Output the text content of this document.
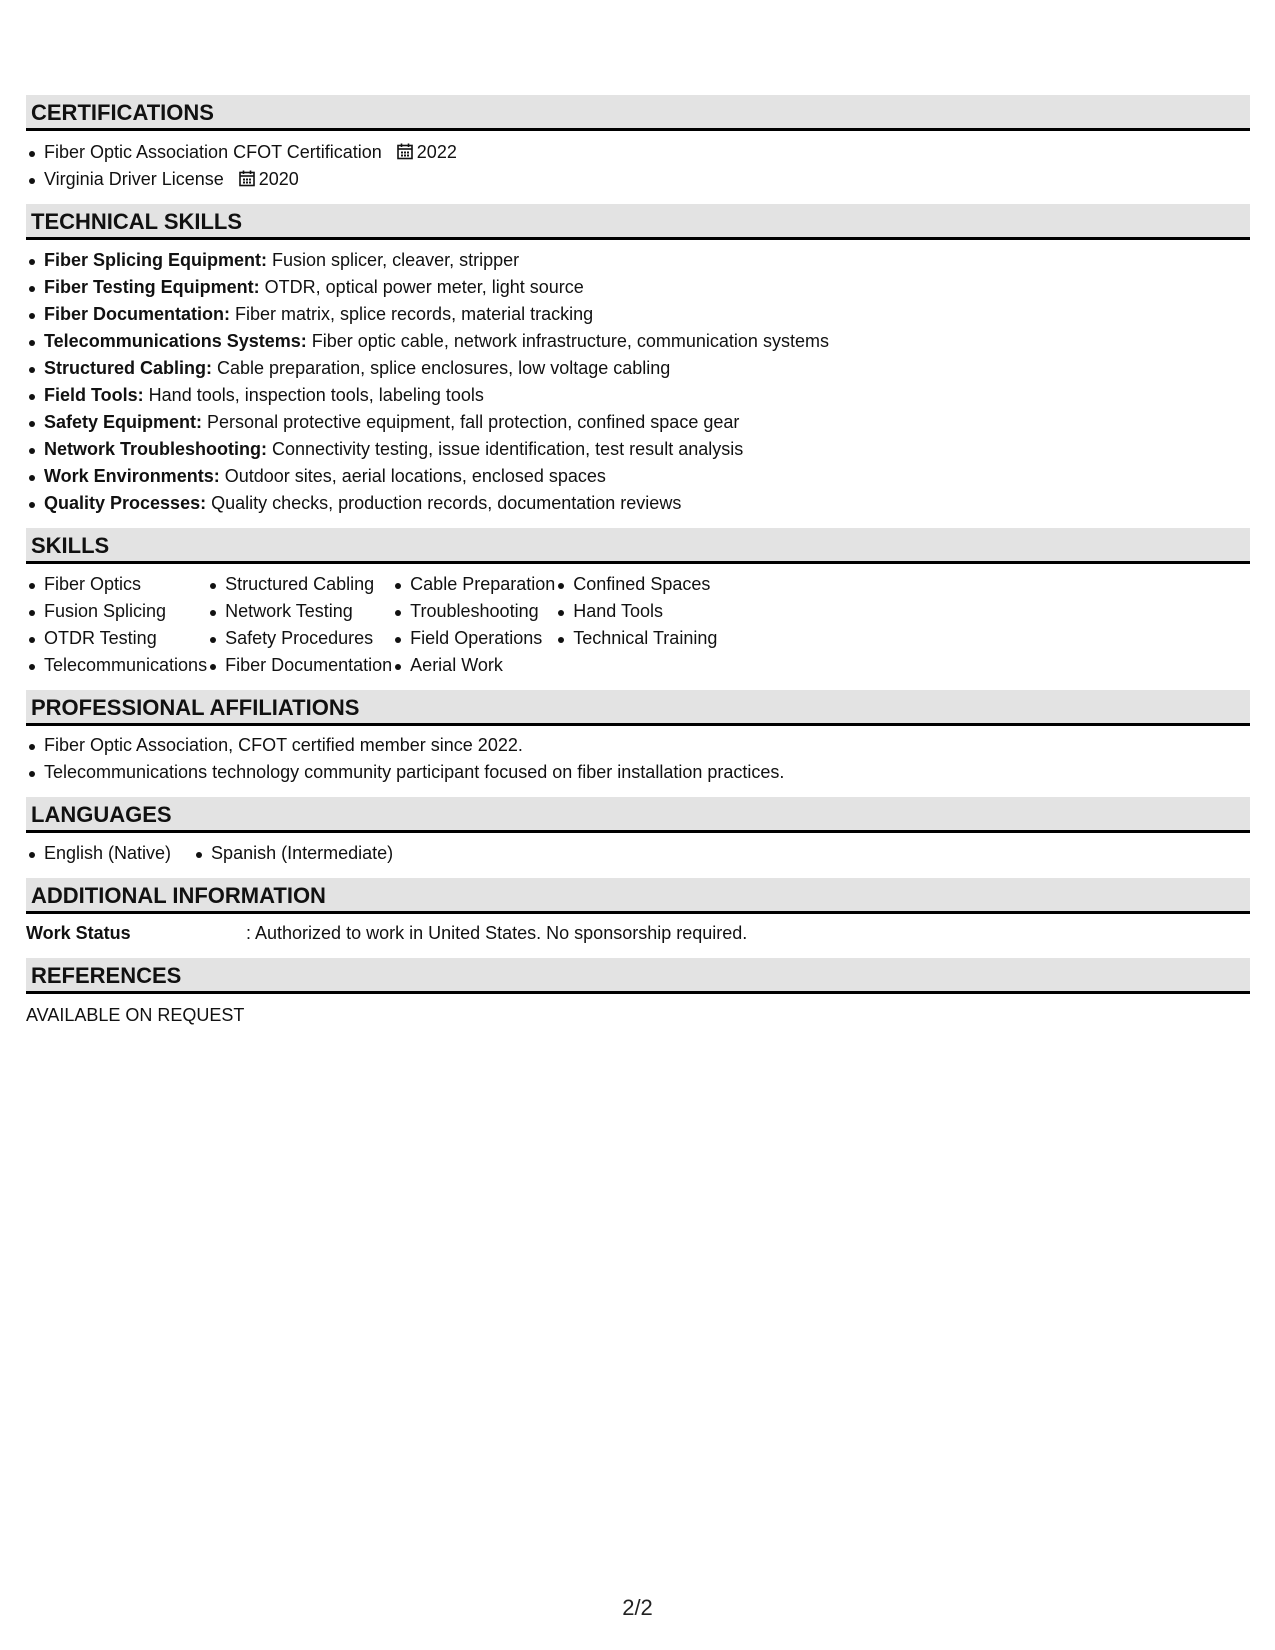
CERTIFICATIONS
Fiber Optic Association CFOT Certification 2022
Virginia Driver License 2020
TECHNICAL SKILLS
Fiber Splicing Equipment: Fusion splicer, cleaver, stripper
Fiber Testing Equipment: OTDR, optical power meter, light source
Fiber Documentation: Fiber matrix, splice records, material tracking
Telecommunications Systems: Fiber optic cable, network infrastructure, communication systems
Structured Cabling: Cable preparation, splice enclosures, low voltage cabling
Field Tools: Hand tools, inspection tools, labeling tools
Safety Equipment: Personal protective equipment, fall protection, confined space gear
Network Troubleshooting: Connectivity testing, issue identification, test result analysis
Work Environments: Outdoor sites, aerial locations, enclosed spaces
Quality Processes: Quality checks, production records, documentation reviews
SKILLS
Fiber Optics
Fusion Splicing
OTDR Testing
Telecommunications
Structured Cabling
Network Testing
Safety Procedures
Fiber Documentation
Cable Preparation
Troubleshooting
Field Operations
Aerial Work
Confined Spaces
Hand Tools
Technical Training
PROFESSIONAL AFFILIATIONS
Fiber Optic Association, CFOT certified member since 2022.
Telecommunications technology community participant focused on fiber installation practices.
LANGUAGES
English (Native)	Spanish (Intermediate)
ADDITIONAL INFORMATION
Work Status	: Authorized to work in United States. No sponsorship required.
REFERENCES
AVAILABLE ON REQUEST
2/2
